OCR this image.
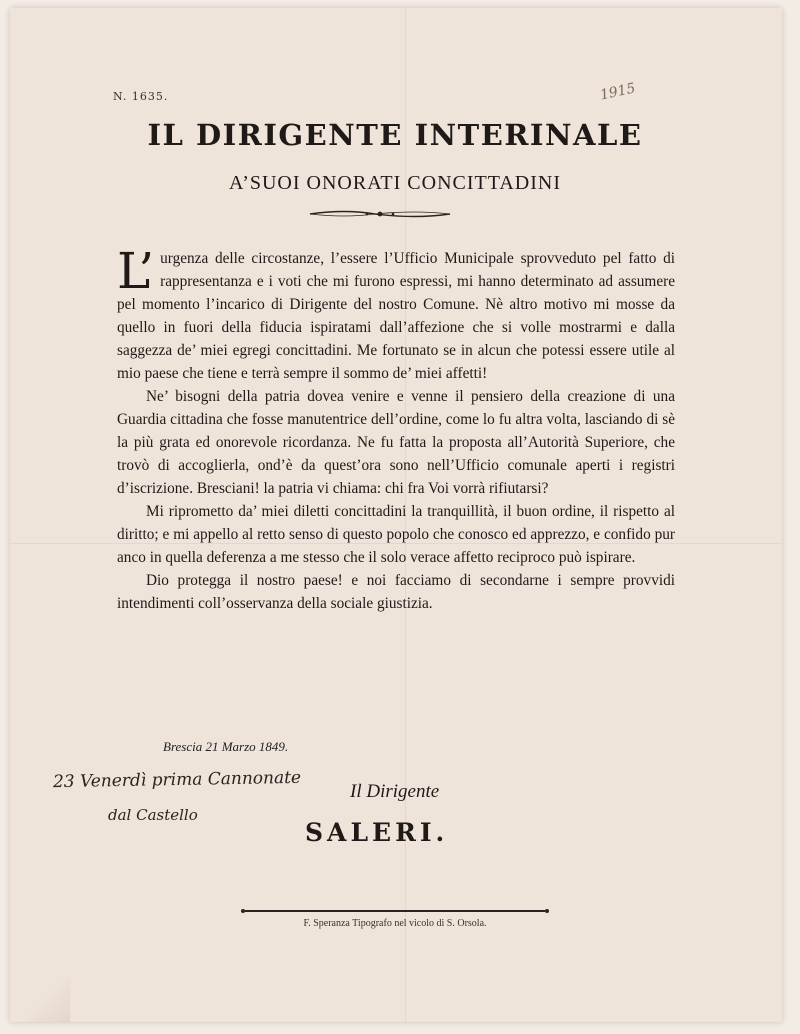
N. 1635.	1915
IL DIRIGENTE INTERINALE
A’SUOI ONORATI CONCITTADINI

L’ urgenza delle circostanze, l’essere l’Ufficio Municipale sprovveduto pel fatto di rappresentanza e i voti che mi furono espressi, mi hanno determinato ad assumere pel momento l’incarico di Dirigente del nostro Comune. Nè altro motivo mi mosse da quello in fuori della fiducia ispiratami dall’affezione che si volle mostrarmi e dalla saggezza de’ miei egregi concittadini. Me fortunato se in alcun che potessi essere utile al mio paese che tiene e terrà sempre il sommo de’ miei affetti!

Ne’ bisogni della patria dovea venire e venne il pensiero della creazione di una Guardia cittadina che fosse manutentrice dell’ordine, come lo fu altra volta, lasciando di sè la più grata ed onorevole ricordanza. Ne fu fatta la proposta all’Autorità Superiore, che trovò di accoglierla, ond’è da quest’ora sono nell’Ufficio comunale aperti i registri d’iscrizione. Bresciani! la patria vi chiama: chi fra Voi vorrà rifiutarsi?

Mi riprometto da’ miei diletti concittadini la tranquillità, il buon ordine, il rispetto al diritto; e mi appello al retto senso di questo popolo che conosco ed apprezzo, e confido pur anco in quella deferenza a me stesso che il solo verace affetto reciproco può ispirare.

Dio protegga il nostro paese! e noi facciamo di secondarne i sempre provvidi intendimenti coll’osservanza della sociale giustizia.

Brescia 21 Marzo 1849.
23 Venerdì prima Cannonate
dal Castello
Il Dirigente
SALERI.
F. Speranza Tipografo nel vicolo di S. Orsola.
